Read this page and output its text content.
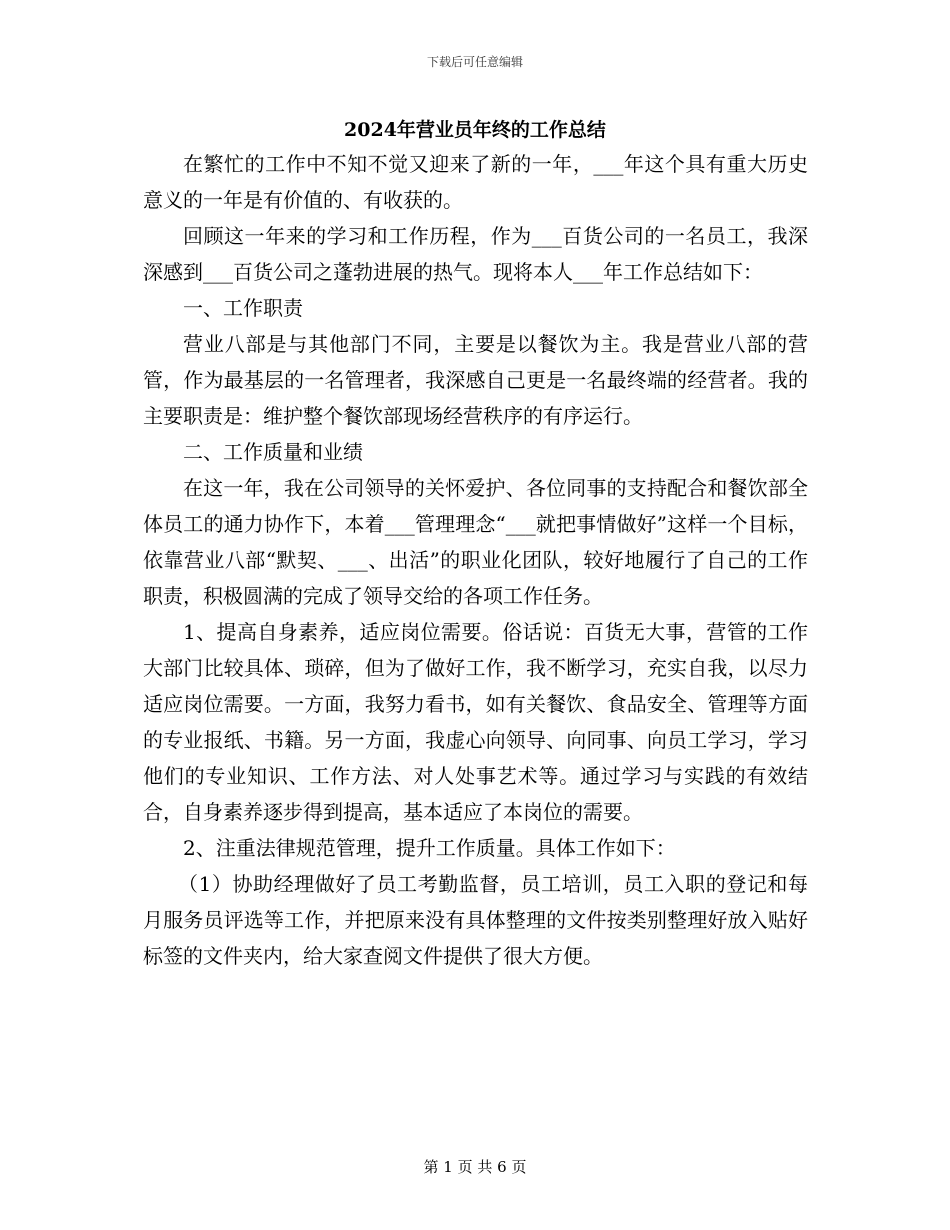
下载后可任意编辑
2024年营业员年终的工作总结

在繁忙的工作中不知不觉又迎来了新的一年，___年这个具有重大历史意义的一年是有价值的、有收获的。

回顾这一年来的学习和工作历程，作为___百货公司的一名员工，我深深感到___百货公司之蓬勃进展的热气。现将本人___年工作总结如下：

一、工作职责

营业八部是与其他部门不同，主要是以餐饮为主。我是营业八部的营管，作为最基层的一名管理者，我深感自己更是一名最终端的经营者。我的主要职责是：维护整个餐饮部现场经营秩序的有序运行。

二、工作质量和业绩

在这一年，我在公司领导的关怀爱护、各位同事的支持配合和餐饮部全体员工的通力协作下，本着___管理理念“___就把事情做好”这样一个目标，依靠营业八部“默契、___、出活”的职业化团队，较好地履行了自己的工作职责，积极圆满的完成了领导交给的各项工作任务。

1、提高自身素养，适应岗位需要。俗话说：百货无大事，营管的工作大部门比较具体、琐碎，但为了做好工作，我不断学习，充实自我，以尽力适应岗位需要。一方面，我努力看书，如有关餐饮、食品安全、管理等方面的专业报纸、书籍。另一方面，我虚心向领导、向同事、向员工学习，学习他们的专业知识、工作方法、对人处事艺术等。通过学习与实践的有效结合，自身素养逐步得到提高，基本适应了本岗位的需要。

2、注重法律规范管理，提升工作质量。具体工作如下：

（1）协助经理做好了员工考勤监督，员工培训，员工入职的登记和每月服务员评选等工作，并把原来没有具体整理的文件按类别整理好放入贴好标签的文件夹内，给大家查阅文件提供了很大方便。

第 1 页 共 6 页
